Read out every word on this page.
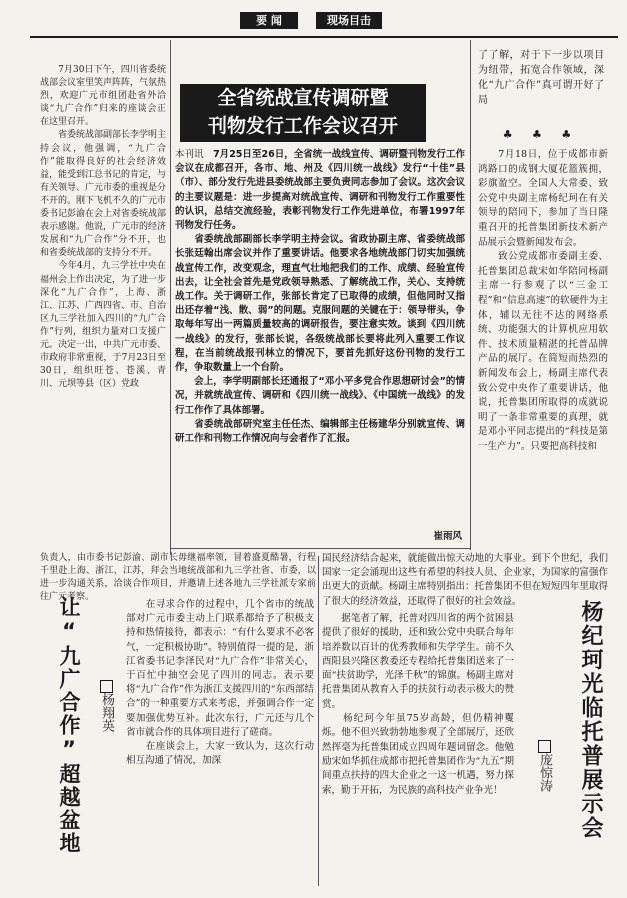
要 闻	现场目击

　　7月30日下午，四川省委统战部会议室里笑声阵阵，气氛热烈，欢迎广元市组团赴省外洽谈“九广合作”归来的座谈会正在这里召开。
　　省委统战部副部长李学明主持会议，他强调，“九广合作”能取得良好的社会经济效益，能受到江总书记的肯定，与有关领导、广元市委的重视是分不开的。刚下飞机不久的广元市委书记彭渝在会上对省委统战部表示感谢。他说，广元市的经济发展和“九广合作”分不开，也和省委统战部的支持分不开。
　　今年4月，九三学社中央在福州会上作出决定，为了进一步深化“九广合作”，上海、浙江、江苏、广西四省、市、自治区九三学社加入四川的“九广合作”行列，组织力量对口支援广元。决定一出，中共广元市委、市政府非常重视，于7月23日至30日，组织旺苍、苍溪、青川、元坝等县（区）党政

全省统战宣传调研暨
刊物发行工作会议召开

本刊讯　 7月25日至26日，全省统一战线宣传、调研暨刊物发行工作会议在成都召开，各市、地、州及《四川统一战线》发行“十佳”县（市）、部分发行先进县委统战部主要负责同志参加了会议。这次会议的主要议题是：进一步提高对统战宣传、调研和刊物发行工作重要性的认识，总结交流经验，表彰刊物发行工作先进单位，布署1997年刊物发行任务。
　　省委统战部副部长李学明主持会议。省政协副主席、省委统战部长张廷翰出席会议并作了重要讲话。他要求各地统战部门切实加强统战宣传工作，改变观念，理直气壮地把我们的工作、成绩、经验宣传出去，让全社会首先是党政领导熟悉、了解统战工作，关心、支持统战工作。关于调研工作，张部长肯定了已取得的成绩，但他同时又指出还存着“浅、散、弱”的问题。克服问题的关键在于：领导带头，争取每年写出一两篇质量较高的调研报告，要注意实效。谈到《四川统一战线》的发行，张部长说，各级统战部长要将此列入重要工作议程，在当前统战报刊林立的情况下，要首先抓好这份刊物的发行工作，争取数量上一个台阶。
　　会上，李学明副部长还通报了“邓小平多党合作思想研讨会”的情况，并就统战宣传、调研和《四川统一战线》、《中国统一战线》的发行工作作了具体部署。
　　省委统战部研究室主任任杰、编辑部主任杨建华分别就宣传、调研工作和刊物工作情况向与会者作了汇报。

崔雨风

了了解，对于下一步以项目为纽带，拓宽合作领域，深化“九广合作”真可谓开好了局

♣ ♣ ♣

　　7月18日，位于成都市新鸿路口的成钢大厦花篮簇拥，彩旗盈空。全国人大常委、致公党中央副主席杨纪珂在有关领导的陪同下，参加了当日隆重召开的托普集团新技术新产品展示会暨新闻发布会。
　　致公党成都市委副主委、托普集团总裁宋如华陪同杨副主席一行参观了以“三金工程”和“信息高速”的软硬件为主体，辅以无往不达的网络系统、功能强大的计算机应用软件、技术质量精湛的托普品牌产品的展厅。在简短而热烈的新闻发布会上，杨副主席代表致公党中央作了重要讲话，他说，托普集团所取得的成就说明了一条非常重要的真理，就是邓小平同志提出的“科技是第一生产力”。只要把高科技和

负责人，由市委书记彭渝、副市长毋继福率领，冒着盛夏酷暑，行程千里赴上海、浙江、江苏，拜会当地统战部和九三学社省、市委，以进一步沟通关系，洽谈合作项目，并邀请上述各地九三学社派专家前往广元考察。

让“九广合作”超越盆地	杨翔英

　　在寻求合作的过程中，几个省市的统战部对广元市委主动上门联系都给予了积极支持和热情接待，都表示：“有什么要求不必客气，一定积极协助”。特别值得一提的是，浙江省委书记李泽民对“九广合作”非常关心，于百忙中抽空会见了四川的同志。表示要将“九广合作”作为浙江支援四川的“东西部结合”的一种重要方式来考虑，并强调合作一定要加强优势互补。此次东行，广元还与几个省市就合作的具体项目进行了磋商。
　　在座谈会上，大家一致认为，这次行动相互沟通了情况，加深

国民经济结合起来，就能做出惊天动地的大事业。到下个世纪，我们国家一定会涌现出这些有希望的科技人员、企业家，为国家的富强作出更大的贡献。杨副主席特别指出：托普集团不但在短短四年里取得了很大的经济效益，还取得了很好的社会效益。

　　据笔者了解，托普对四川省的两个贫困县提供了很好的援助，还和致公党中央联合每年培养数以百计的优秀教师和失学学生。前不久酉阳县兴隆区教委还专程给托普集团送来了一面“扶贫助学，光泽千秋”的锦旗。杨副主席对托普集团从教育入手的扶贫行动表示极大的赞赏。
　　杨纪珂今年虽75岁高龄，但仍精神矍烁。他不但兴致勃勃地参观了全部展厅，还欣然挥毫为托普集团成立四周年题词留念。他勉励宋如华抓住成都市把托普集团作为“九五”期间重点扶持的四大企业之一这一机遇，努力探索，勤于开拓，为民族的高科技产业争光！	杨纪珂光临托普展示会
庞惊涛
